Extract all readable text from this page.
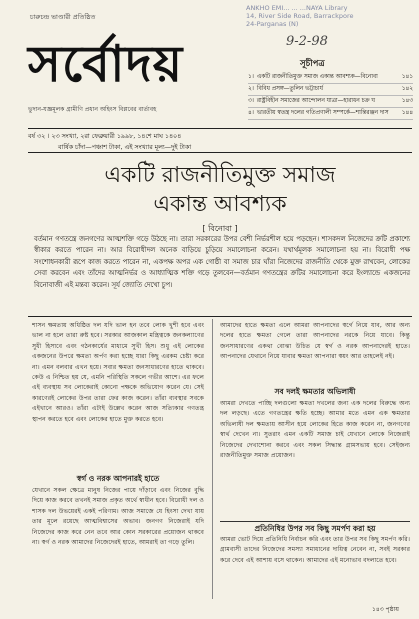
ANKHO EMI... ... ...NAYA Library
14, River Side Road, Barrackpore
24-Parganas (N)
9-2-98
চারুচন্দ্র ভাণ্ডারী প্রতিষ্ঠিত
সর্বোদয়
ভুদান-যজ্ঞমূলক গ্রামীণি প্রধান অহিংস বিপ্লবের বার্তাবহ
সূচীপত্র
১। একটি রাজনীতিমুক্ত সমাজ একান্ত আবশ্যক—বিনোবা	১৪১
২। বিবিধ প্রসঙ্গ—তুলিন ভট্টাচার্য	১৪২
৩। রাষ্ট্রবিহীন সমাজের আন্দোলন যাত্রা—হারাধন চক্র ঘ	১৪৩
৪। ভারতীয় স্বতন্ত্র দলের গতিপ্রণালী সম্পর্কে—শান্তিরঞ্জন দাস	১৪৪
বর্ষ ৩২ । ২৩ সংখ্যা, ২রা ফেব্রুয়ারী ১৯৯৮, ১৪শে মাঘ ১৪০৪
বার্ষিক চাঁদা—পঞ্চাশ টাকা, এই সংখ্যার মূল্য—দুই টাকা
একটি রাজনীতিমুক্ত সমাজ
একান্ত আবশ্যক
[ বিনোবা ]
বর্তমান গণতন্ত্রে জনগণের আত্মশক্তি গড়ে উঠছে না। তারা সরকারের উপর বেশী নির্ভরশীল হয়ে পড়ছেন। শাসকদল নিজেদের ক্রটি প্রকাশ্যে স্বীকার করতে পারেন না। আর বিরোধীদল অনেক বাড়িয়ে চুড়িয়ে সমালোচনা করেন। যথার্থমূলক সমালোচনা হয় না। বিরোধী পক্ষ সংশোধনকারী রূপে কাজ করতে পারেন না, একপক্ষ অপর এক গোষ্ঠী বা সমাজ চার ঘাঁরা নিজেদের রাজনীতি থেকে মুক্ত রাখবেন, লোকের সেবা করবেন এবং তাঁদের আত্মনির্ভর ও আধ্যাত্মিক শক্তি গড়ে তুলবেন—বর্তমান গণতন্ত্রের ক্রটির সমালোচনা করে ইংল্যান্ডে একজনের বিনোবাজী এই মন্তব্য করেন। সূর্য জ্যোতি দেখো চুপ।
শাসন ক্ষমতায় অধিষ্ঠিত দল যদি ভাল হন তবে লোক খুশী হবে এবং ভাল না হলে তারা রুষ্ট হবে। সরকার আজকাল মন্ত্রিত্বকে জনকল্যাণের সুধী হিসাবে এবং গঠনকার্যের মাধ্যমে সুখী হিস। শুধু এই লোকের একজনের উপরে ক্ষমতা অর্পণ করা হচ্ছে যারা কিছু এরকম চেষ্টা করে না। এমন বলবার এখন হয়ে। সবার ক্ষমতা জনসাধারণের হাতে থাকবে। কেউ এ নিশ্চিত হয় যে, এমনি পরিস্থিতি সকলে গভীর আশে। এর ফলে এই ব্যবস্থায় সব লোকেরাই কোনো পক্ষকে অভিযোগ করেন যে। সেই কারণেরই লোকের উপর তারা ফের কাজ করেন। তাঁরা ব্যবস্থার সবকে এইখানে আরও। তাঁরা এটাই উল্লেখ করেন আজ সত্যিকার গণতন্ত্র স্থাপন করতে হবে এবং লোকের হাতে মুক্ত করতে হবে।
স্বর্গ ও নরক আপনারই হাতে
যেখানে সকল ক্ষেত্রে মানুষ নিজের পায়ে দাঁড়াবে এবং নিজের বুদ্ধি দিয়ে কাজ করবে তখনই সমাজ প্রকৃত অর্থে স্বাধীন হবে। বিরোধী দল ও শাসক দল উভয়েরই একই পরিণাম। আজ সমাজে যে হিংসা দেখা যায় তার মূলে রয়েছে আত্মবিশ্বাসের অভাব। জনগণ নিজেরাই যদি নিজেদের কাজ করে নেন তবে আর কোন সরকারের প্রয়োজন থাকবে না। স্বর্গ ও নরক আমাদের নিজেদেরই হাতে, আমরাই তা গড়ে তুলি।
আমাদের হাতে ক্ষমতা এলে আমরা আপনাদের স্বর্গে নিয়ে যাব, আর অন্য দলের হাতে ক্ষমতা গেলে তারা আপনাদের নরকে নিয়ে যাবে। কিন্তু জনসাধারণের একথা বোঝা উচিত যে স্বর্গ ও নরক আপনাদেরই হাতে। আপনাদের যেথানে নিয়ে যাবার ক্ষমতা আপনারা স্বয়ং আর তাহলেই নই।
সব দলই ক্ষমতার অভিলাষী
আমরা দেখতে পাচ্ছি দলগুলো ক্ষমতা দখলের জন্য এক দলের বিরুদ্ধে অন্য দল লড়ছে। এতে গণতন্ত্রের ক্ষতি হচ্ছে। আমার মতে এমন এক ক্ষমতার অভিলাষী দল ক্ষমতায় আসীন হয়ে লোকের হিতে কাজ করেন না, জনগণের স্বার্থ দেখেন না। সুতরাং এমন একটি সমাজ চাই যেখানে লোকে নিজেরাই নিজেদের দেখাশোনা করবে এবং সকল সিদ্ধান্ত গ্রামসভায় হবে। সেইজন্য রাজনীতিমুক্ত সমাজ প্রয়োজন।
প্রতিনিধির উপর সব কিছু সমর্পণ করা হয়
আমরা ভোট দিয়ে প্রতিনিধি নির্বাচন করি এবং তার উপর সব কিছু সমর্পণ করি। গ্রামবাসী তাদের নিজেদের সমস্যা সমাধানের দায়িত্ব নেবেন না, সবই সরকার করে দেবে এই আশায় বসে থাকেন। আমাদের এই মনোভাব বদলাতে হবে।
১৪৩ পৃষ্ঠায়
